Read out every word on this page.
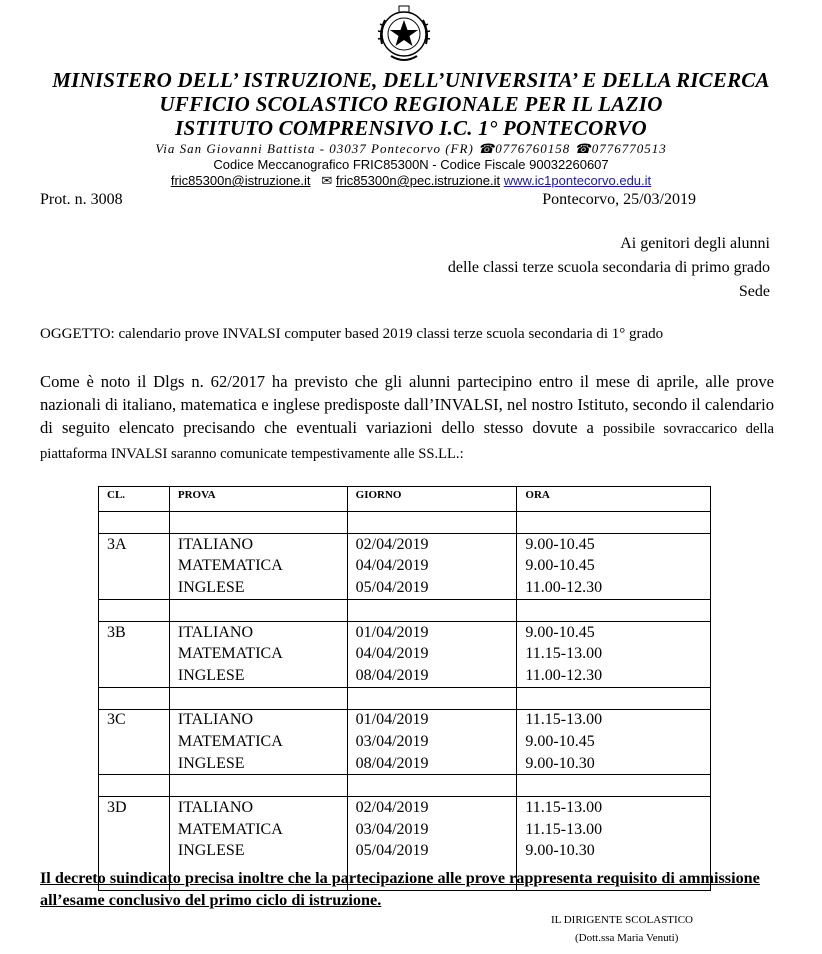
MINISTERO DELL’ ISTRUZIONE, DELL’UNIVERSITA’ E DELLA RICERCA
UFFICIO SCOLASTICO REGIONALE PER IL LAZIO
ISTITUTO COMPRENSIVO I.C. 1° PONTECORVO
Via San Giovanni Battista - 03037 Pontecorvo (FR) ☎0776760158 ☎0776770513
Codice Meccanografico FRIC85300N - Codice Fiscale 90032260607
fric85300n@istruzione.it ✉ fric85300n@pec.istruzione.it www.ic1pontecorvo.edu.it
Prot. n. 3008	Pontecorvo, 25/03/2019
Ai genitori degli alunni
delle classi terze scuola secondaria di primo grado
Sede
OGGETTO: calendario prove INVALSI computer based 2019 classi terze scuola secondaria di 1° grado
Come è noto il Dlgs n. 62/2017 ha previsto che gli alunni partecipino entro il mese di aprile, alle prove nazionali di italiano, matematica e inglese predisposte dall’INVALSI, nel nostro Istituto, secondo il calendario di seguito elencato precisando che eventuali variazioni dello stesso dovute a possibile sovraccarico della piattaforma INVALSI saranno comunicate tempestivamente alle SS.LL.:
CL.	PROVA	GIORNO	ORA

3A	ITALIANO	02/04/2019	9.00-10.45
	MATEMATICA	04/04/2019	9.00-10.45
	INGLESE	05/04/2019	11.00-12.30

3B	ITALIANO	01/04/2019	9.00-10.45
	MATEMATICA	04/04/2019	11.15-13.00
	INGLESE	08/04/2019	11.00-12.30

3C	ITALIANO	01/04/2019	11.15-13.00
	MATEMATICA	03/04/2019	9.00-10.45
	INGLESE	08/04/2019	9.00-10.30

3D	ITALIANO	02/04/2019	11.15-13.00
	MATEMATICA	03/04/2019	11.15-13.00
	INGLESE	05/04/2019	9.00-10.30

Il decreto suindicato precisa inoltre che la partecipazione alle prove rappresenta requisito di ammissione all’esame conclusivo del primo ciclo di istruzione.
IL DIRIGENTE SCOLASTICO
(Dott.ssa Maria Venuti)
